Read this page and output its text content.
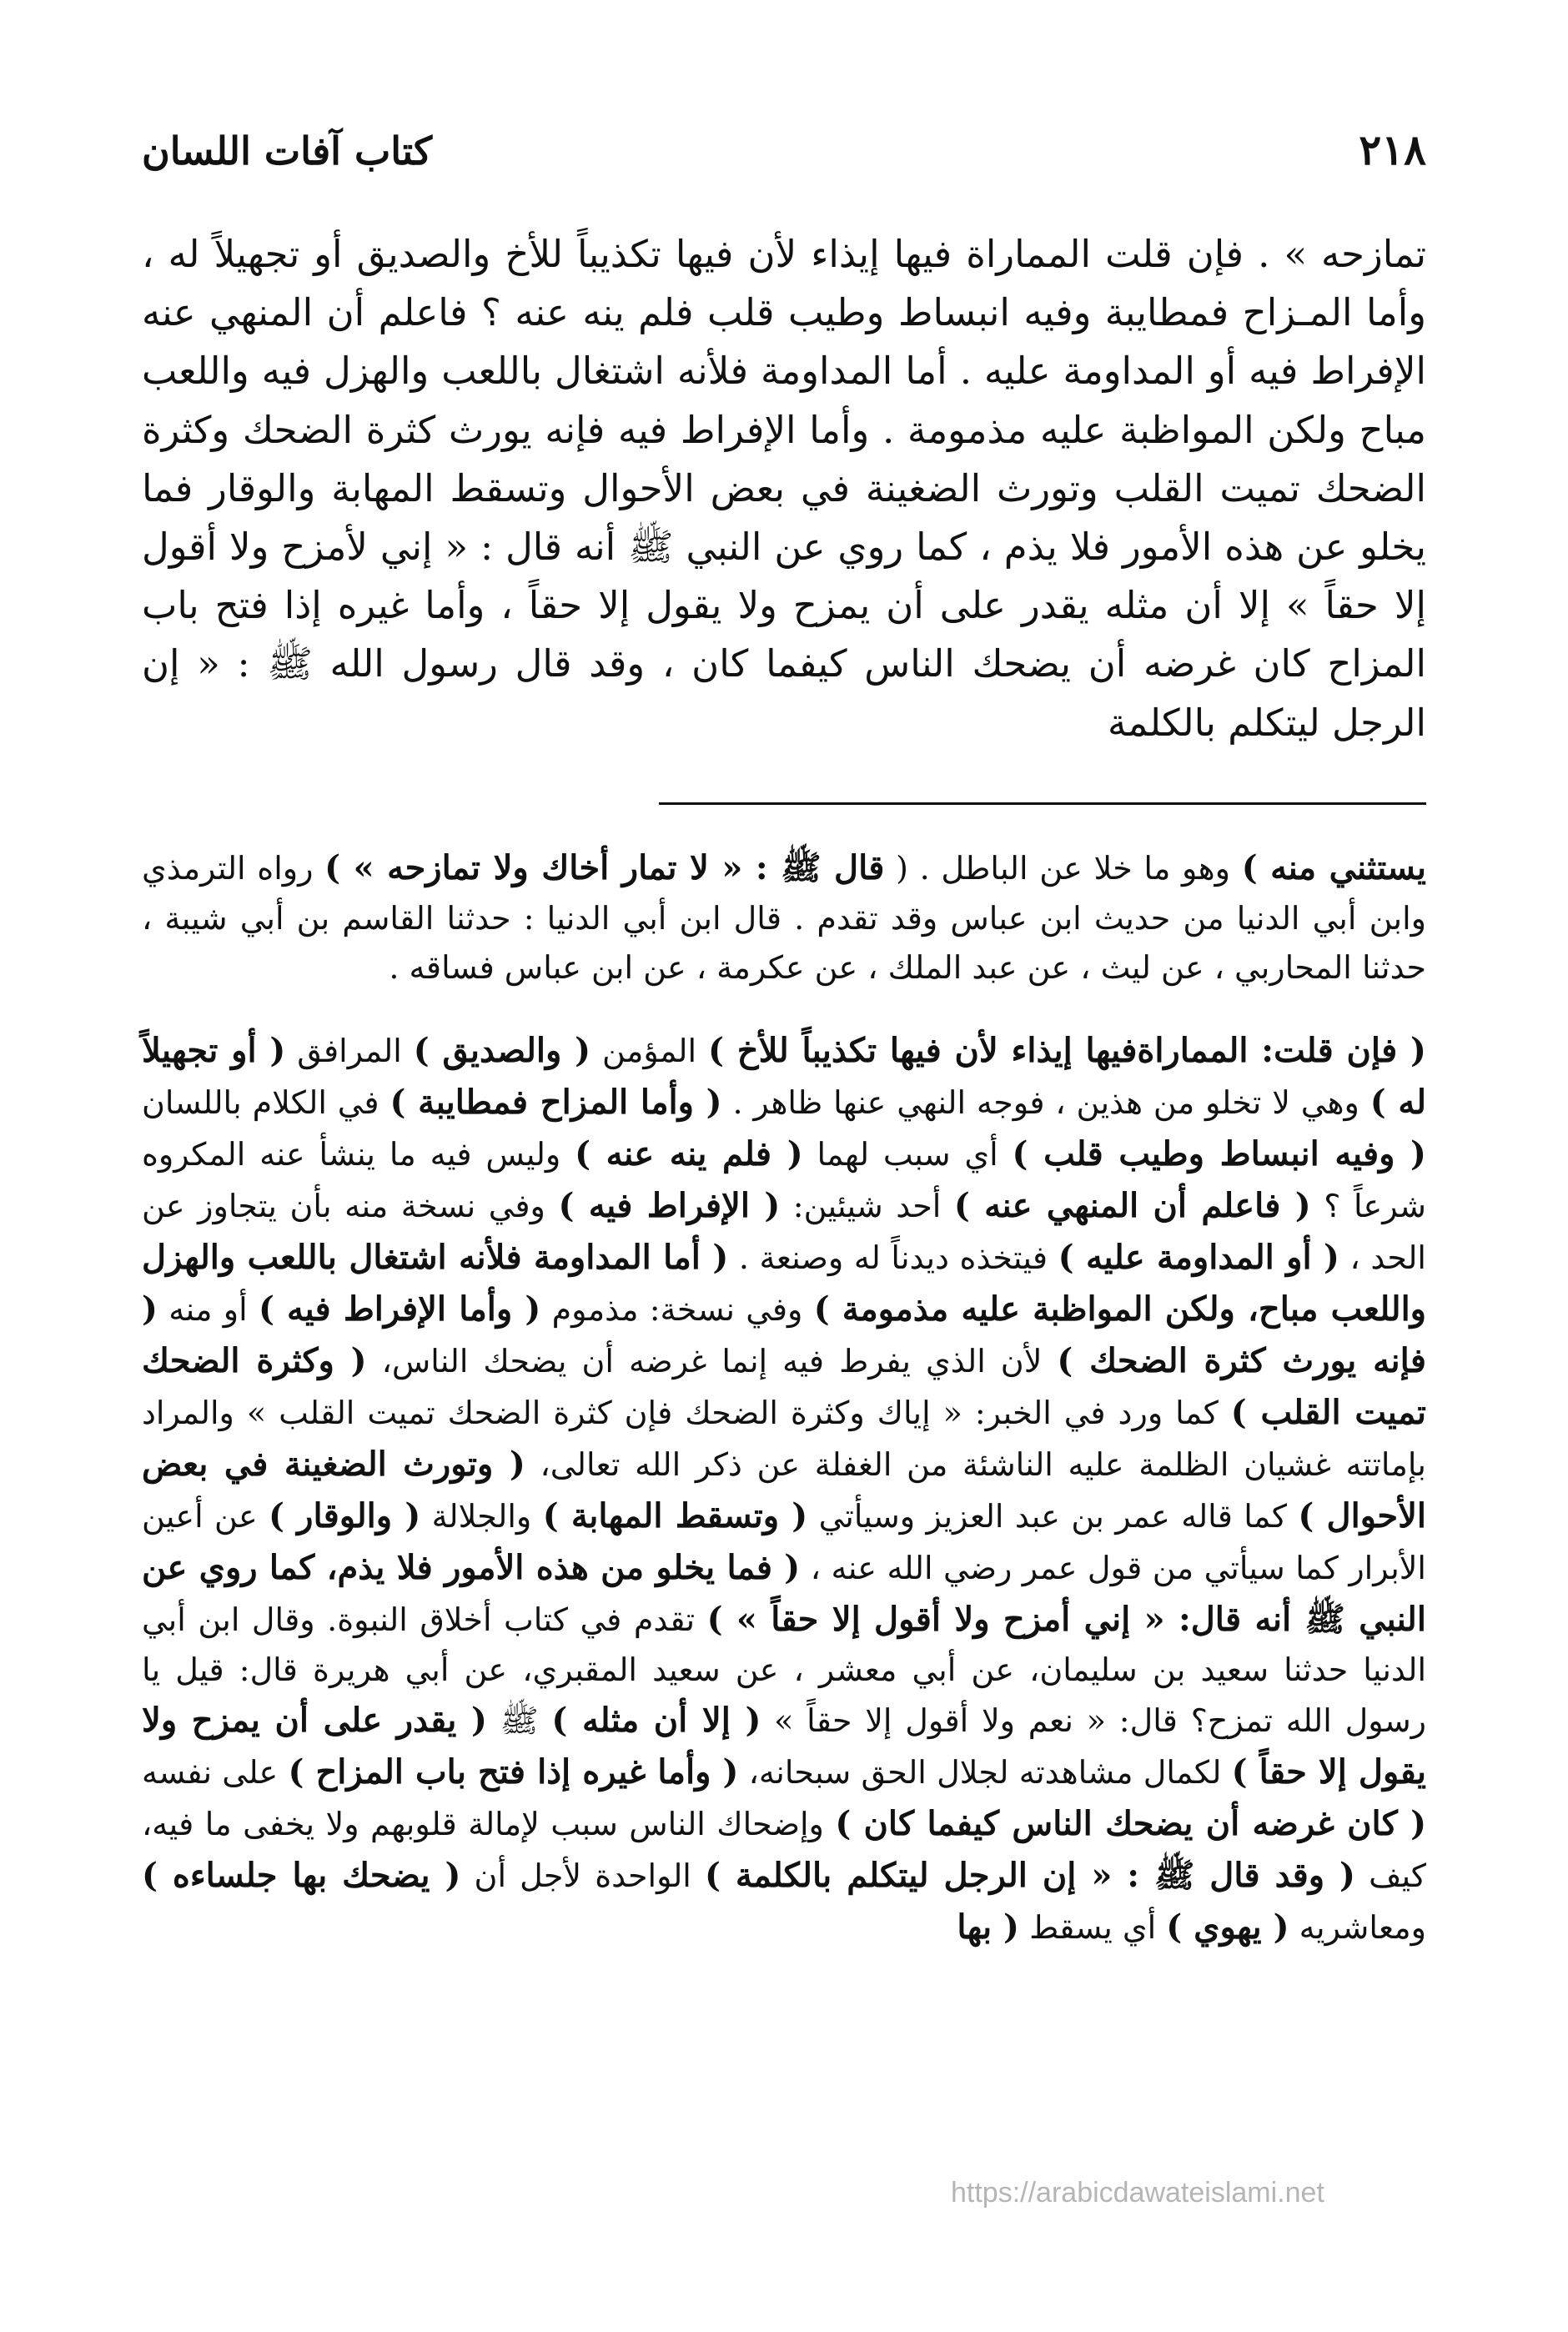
٢١٨
كتاب آفات اللسان
تمازحه » . فإن قلت المماراة فيها إيذاء لأن فيها تكذيباً للأخ والصديق أو تجهيلاً له ، وأما المـزاح فمطايبة وفيه انبساط وطيب قلب فلم ينه عنه ؟ فاعلم أن المنهي عنه الإفراط فيه أو المداومة عليه . أما المداومة فلأنه اشتغال باللعب والهزل فيه واللعب مباح ولكن المواظبة عليه مذمومة . وأما الإفراط فيه فإنه يورث كثرة الضحك وكثرة الضحك تميت القلب وتورث الضغينة في بعض الأحوال وتسقط المهابة والوقار فما يخلو عن هذه الأمور فلا يذم ، كما روي عن النبي ﷺ أنه قال : « إني لأمزح ولا أقول إلا حقاً » إلا أن مثله يقدر على أن يمزح ولا يقول إلا حقاً ، وأما غيره إذا فتح باب المزاح كان غرضه أن يضحك الناس كيفما كان ، وقد قال رسول الله ﷺ : « إن الرجل ليتكلم بالكلمة

يستثني منه ) وهو ما خلا عن الباطل . ( قال ﷺ : « لا تمار أخاك ولا تمازحه » ) رواه الترمذي وابن أبي الدنيا من حديث ابن عباس وقد تقدم . قال ابن أبي الدنيا : حدثنا القاسم بن أبي شيبة ، حدثنا المحاربي ، عن ليث ، عن عبد الملك ، عن عكرمة ، عن ابن عباس فساقه .

( فإن قلت: المماراةفيها إيذاء لأن فيها تكذيباً للأخ ) المؤمن ( والصديق ) المرافق ( أو تجهيلاً له ) وهي لا تخلو من هذين ، فوجه النهي عنها ظاهر . ( وأما المزاح فمطايبة ) في الكلام باللسان ( وفيه انبساط وطيب قلب ) أي سبب لهما ( فلم ينه عنه ) وليس فيه ما ينشأ عنه المكروه شرعاً ؟ ( فاعلم أن المنهي عنه ) أحد شيئين: ( الإفراط فيه ) وفي نسخة منه بأن يتجاوز عن الحد ، ( أو المداومة عليه ) فيتخذه ديدناً له وصنعة . ( أما المداومة فلأنه اشتغال باللعب والهزل واللعب مباح، ولكن المواظبة عليه مذمومة ) وفي نسخة: مذموم ( وأما الإفراط فيه ) أو منه ( فإنه يورث كثرة الضحك ) لأن الذي يفرط فيه إنما غرضه أن يضحك الناس، ( وكثرة الضحك تميت القلب ) كما ورد في الخبر: « إياك وكثرة الضحك فإن كثرة الضحك تميت القلب » والمراد بإماتته غشيان الظلمة عليه الناشئة من الغفلة عن ذكر الله تعالى، ( وتورث الضغينة في بعض الأحوال ) كما قاله عمر بن عبد العزيز وسيأتي ( وتسقط المهابة ) والجلالة ( والوقار ) عن أعين الأبرار كما سيأتي من قول عمر رضي الله عنه ، ( فما يخلو من هذه الأمور فلا يذم، كما روي عن النبي ﷺ أنه قال: « إني أمزح ولا أقول إلا حقاً » ) تقدم في كتاب أخلاق النبوة. وقال ابن أبي الدنيا حدثنا سعيد بن سليمان، عن أبي معشر ، عن سعيد المقبري، عن أبي هريرة قال: قيل يا رسول الله تمزح؟ قال: « نعم ولا أقول إلا حقاً » ( إلا أن مثله ) ﷺ ( يقدر على أن يمزح ولا يقول إلا حقاً ) لكمال مشاهدته لجلال الحق سبحانه، ( وأما غيره إذا فتح باب المزاح ) على نفسه ( كان غرضه أن يضحك الناس كيفما كان ) وإضحاك الناس سبب لإمالة قلوبهم ولا يخفى ما فيه، كيف ( وقد قال ﷺ : « إن الرجل ليتكلم بالكلمة ) الواحدة لأجل أن ( يضحك بها جلساءه ) ومعاشريه ( يهوي ) أي يسقط ( بها

https://arabicdawateislami.net
